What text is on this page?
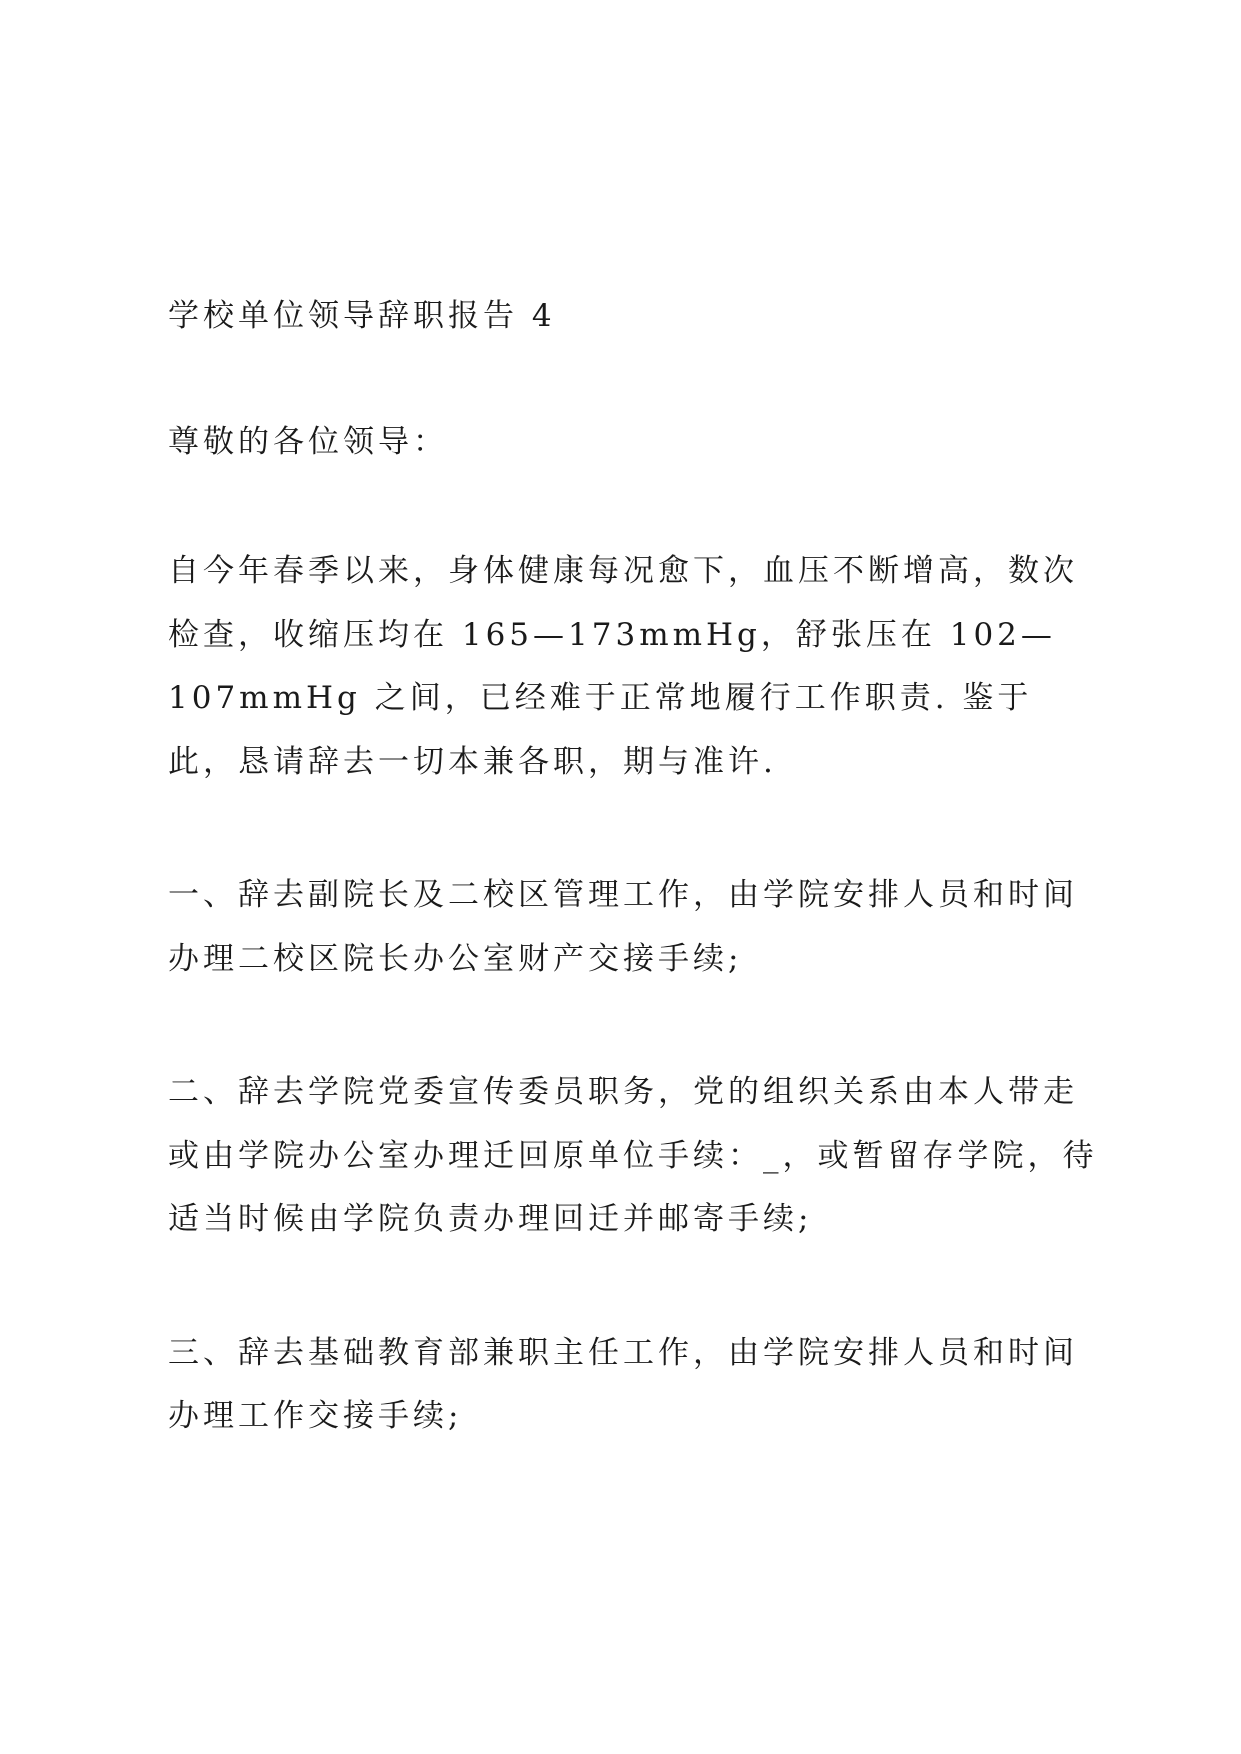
学校单位领导辞职报告 4

尊敬的各位领导：

自今年春季以来，身体健康每况愈下，血压不断增高，数次检查，收缩压均在 165—173mmHg，舒张压在 102—107mmHg 之间，已经难于正常地履行工作职责. 鉴于此，恳请辞去一切本兼各职，期与准许.

一、辞去副院长及二校区管理工作，由学院安排人员和时间办理二校区院长办公室财产交接手续;

二、辞去学院党委宣传委员职务，党的组织关系由本人带走或由学院办公室办理迁回原单位手续：_，或暂留存学院，待适当时候由学院负责办理回迁并邮寄手续;

三、辞去基础教育部兼职主任工作，由学院安排人员和时间办理工作交接手续;
